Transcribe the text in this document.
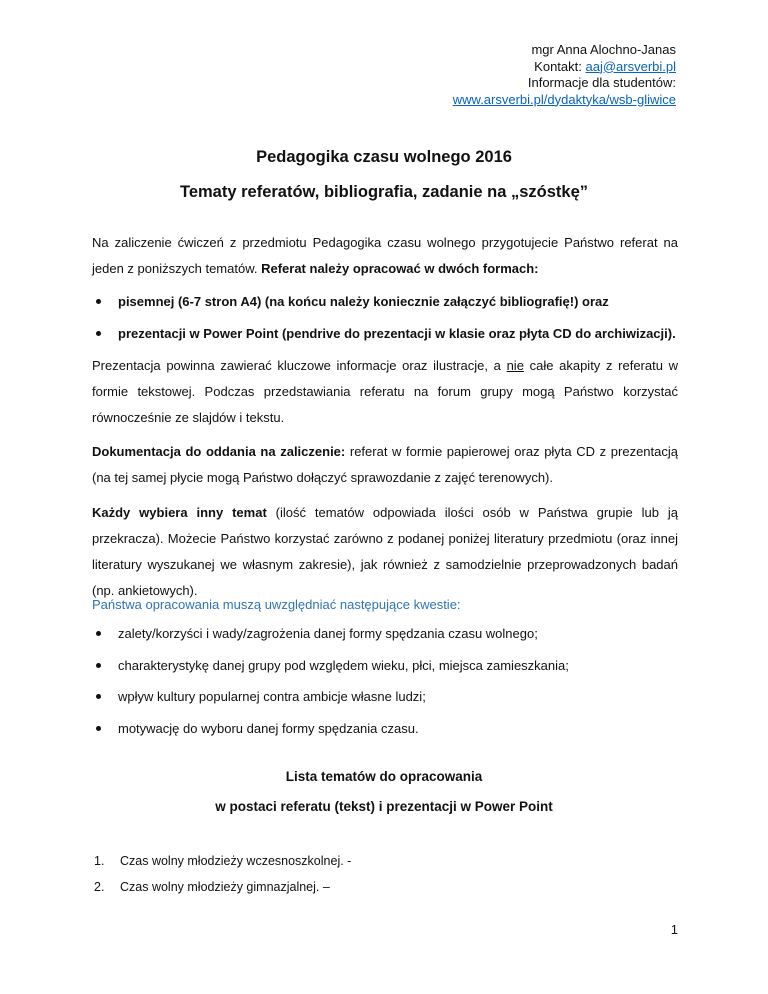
mgr Anna Alochno-Janas
Kontakt: aaj@arsverbi.pl
Informacje dla studentów:
www.arsverbi.pl/dydaktyka/wsb-gliwice
Pedagogika czasu wolnego 2016
Tematy referatów, bibliografia, zadanie na „szóstkę”
Na zaliczenie ćwiczeń z przedmiotu Pedagogika czasu wolnego przygotujecie Państwo referat na jeden z poniższych tematów. Referat należy opracować w dwóch formach:
pisemnej (6-7 stron A4) (na końcu należy koniecznie załączyć bibliografię!) oraz
prezentacji w Power Point (pendrive do prezentacji w klasie oraz płyta CD do archiwizacji).
Prezentacja powinna zawierać kluczowe informacje oraz ilustracje, a nie całe akapity z referatu w formie tekstowej. Podczas przedstawiania referatu na forum grupy mogą Państwo korzystać równocześnie ze slajdów i tekstu.
Dokumentacja do oddania na zaliczenie: referat w formie papierowej oraz płyta CD z prezentacją (na tej samej płycie mogą Państwo dołączyć sprawozdanie z zajęć terenowych).
Każdy wybiera inny temat (ilość tematów odpowiada ilości osób w Państwa grupie lub ją przekracza). Możecie Państwo korzystać zarówno z podanej poniżej literatury przedmiotu (oraz innej literatury wyszukanej we własnym zakresie), jak również z samodzielnie przeprowadzonych badań (np. ankietowych).
Państwa opracowania muszą uwzględniać następujące kwestie:
zalety/korzyści i wady/zagrożenia danej formy spędzania czasu wolnego;
charakterystykę danej grupy pod względem wieku, płci, miejsca zamieszkania;
wpływ kultury popularnej contra ambicje własne ludzi;
motywację do wyboru danej formy spędzania czasu.
Lista tematów do opracowania
w postaci referatu (tekst) i prezentacji w Power Point
1. Czas wolny młodzieży wczesnoszkolnej. -
2. Czas wolny młodzieży gimnazjalnej. –
1
